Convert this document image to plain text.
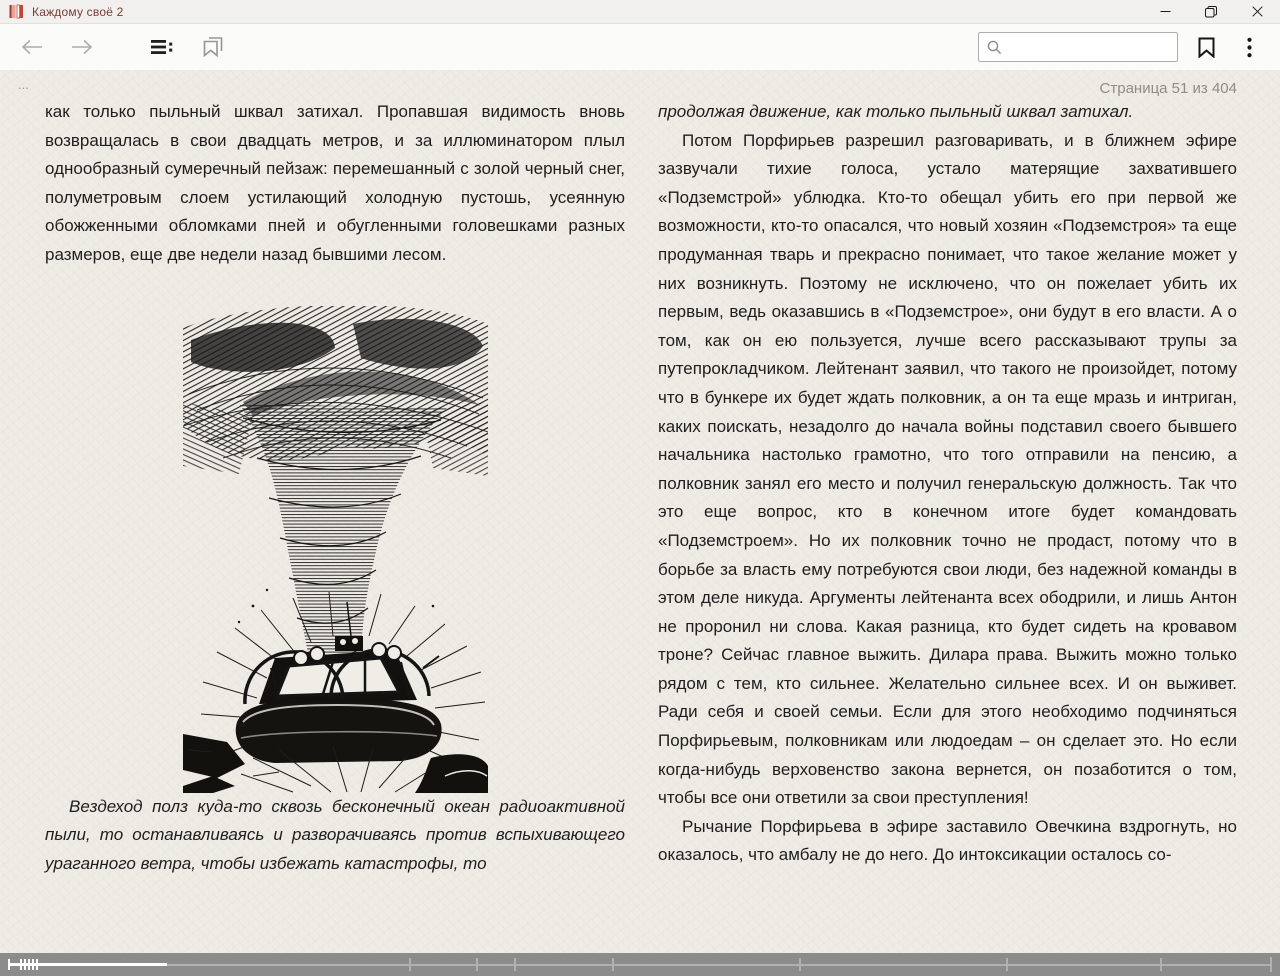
Каждому своё 2
...	Страница 51 из 404

как только пыльный шквал затихал. Пропавшая видимость вновь возвращалась в свои двадцать метров, и за иллюминатором плыл однообразный сумеречный пейзаж: перемешанный с золой черный снег, полуметровым слоем устилающий холодную пустошь, усеянную обожженными обломками пней и обугленными головешками разных размеров, еще две недели назад бывшими лесом.

Вездеход полз куда-то сквозь бесконечный океан радиоактивной пыли, то останавливаясь и разворачиваясь против вспыхивающего ураганного ветра, чтобы избежать катастрофы, то

продолжая движение, как только пыльный шквал затихал.

Потом Порфирьев разрешил разговаривать, и в ближнем эфире зазвучали тихие голоса, устало матерящие захватившего «Подземстрой» ублюдка. Кто-то обещал убить его при первой же возможности, кто-то опасался, что новый хозяин «Подземстроя» та еще продуманная тварь и прекрасно понимает, что такое желание может у них возникнуть. Поэтому не исключено, что он пожелает убить их первым, ведь оказавшись в «Подземстрое», они будут в его власти. А о том, как он ею пользуется, лучше всего рассказывают трупы за путепрокладчиком. Лейтенант заявил, что такого не произойдет, потому что в бункере их будет ждать полковник, а он та еще мразь и интриган, каких поискать, незадолго до начала войны подставил своего бывшего начальника настолько грамотно, что того отправили на пенсию, а полковник занял его место и получил генеральскую должность. Так что это еще вопрос, кто в конечном итоге будет командовать «Подземстроем». Но их полковник точно не продаст, потому что в борьбе за власть ему потребуются свои люди, без надежной команды в этом деле никуда. Аргументы лейтенанта всех ободрили, и лишь Антон не проронил ни слова. Какая разница, кто будет сидеть на кровавом троне? Сейчас главное выжить. Дилара права. Выжить можно только рядом с тем, кто сильнее. Желательно сильнее всех. И он выживет. Ради себя и своей семьи. Если для этого необходимо подчиняться Порфирьевым, полковникам или людоедам – он сделает это. Но если когда-нибудь верховенство закона вернется, он позаботится о том, чтобы все они ответили за свои преступления!

Рычание Порфирьева в эфире заставило Овечкина вздрогнуть, но оказалось, что амбалу не до него. До интоксикации осталось со-
